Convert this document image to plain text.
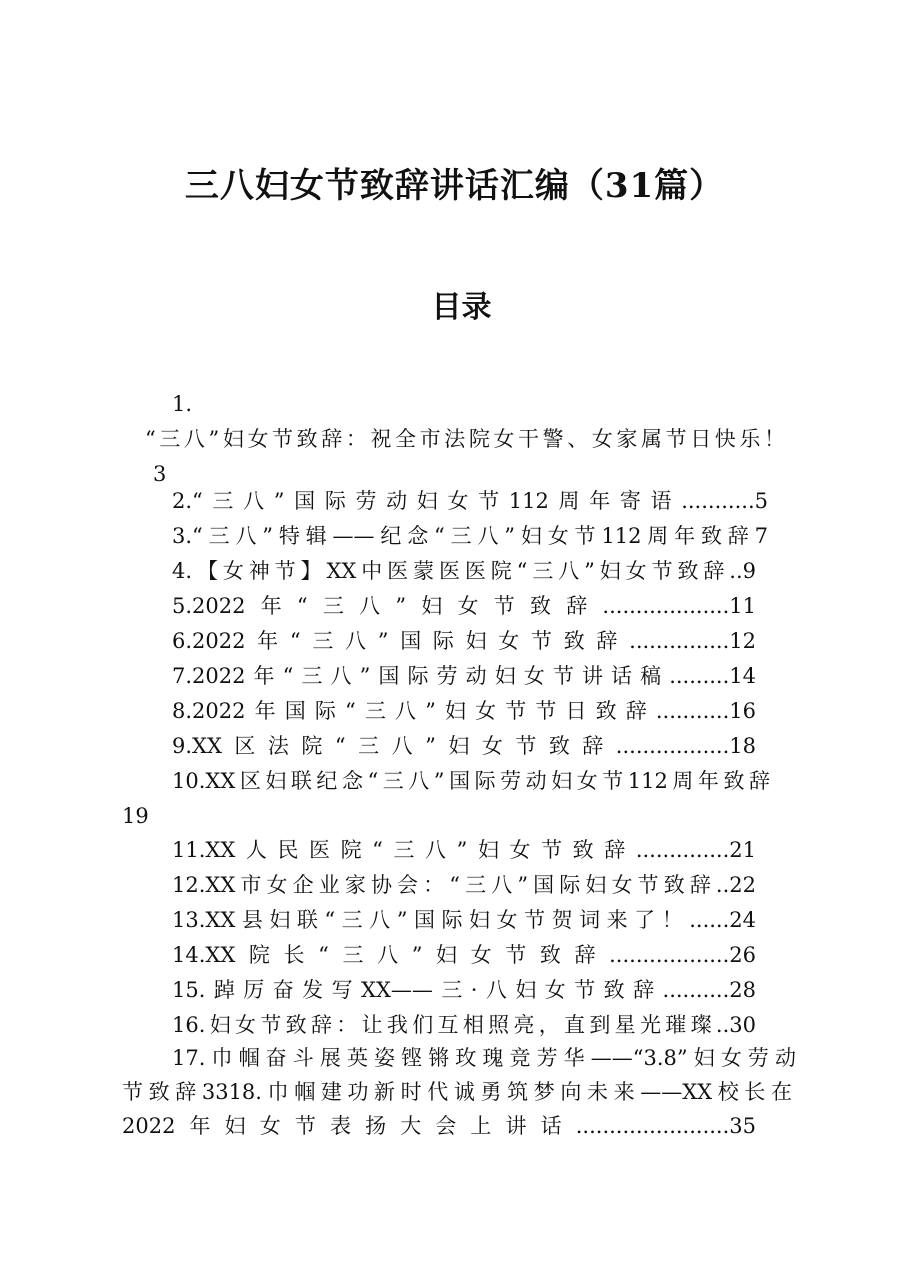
三八妇女节致辞讲话汇编（31篇）
目录
1.
“三八”妇女节致辞：祝全市法院女干警、女家属节日快乐！
3
2.“三八”国际劳动妇女节112周年寄语...........5
3.“三八”特辑——纪念“三八”妇女节112周年致辞7
4.【女神节】XX中医蒙医医院“三八”妇女节致辞..9
5.2022年“三八”妇女节致辞...................11
6.2022年“三八”国际妇女节致辞...............12
7.2022年“三八”国际劳动妇女节讲话稿.........14
8.2022年国际“三八”妇女节节日致辞...........16
9.XX区法院“三八”妇女节致辞.................18
10.XX区妇联纪念“三八”国际劳动妇女节112周年致辞
19
11.XX人民医院“三八”妇女节致辞..............21
12.XX市女企业家协会：“三八”国际妇女节致辞..22
13.XX县妇联“三八”国际妇女节贺词来了！......24
14.XX院长“三八”妇女节致辞..................26
15.踔厉奋发写XX——三·八妇女节致辞..........28
16.妇女节致辞：让我们互相照亮，直到星光璀璨..30
17.巾帼奋斗展英姿铿锵玫瑰竞芳华——“3.8”妇女劳动
节致辞3318.巾帼建功新时代诚勇筑梦向未来——XX校长在
2022年妇女节表扬大会上讲话.......................35
